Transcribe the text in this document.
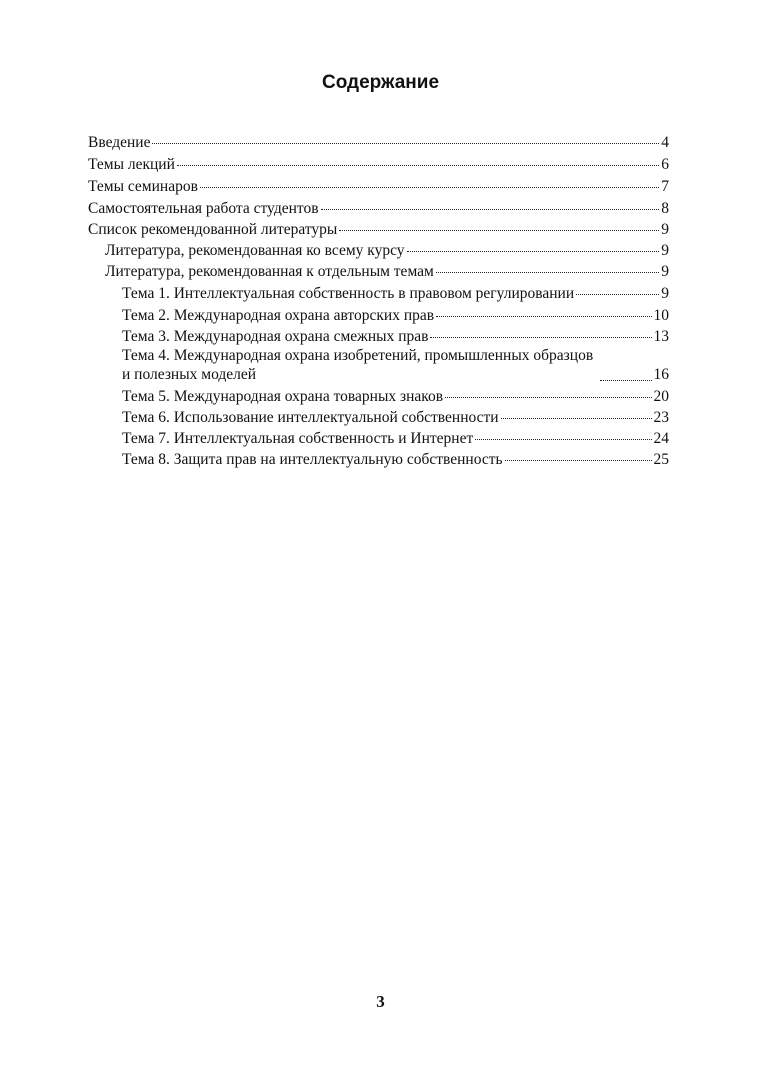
Содержание
Введение	4
Темы лекций	6
Темы семинаров	7
Самостоятельная работа студентов	8
Список рекомендованной литературы	9
Литература, рекомендованная ко всему курсу	9
Литература, рекомендованная к отдельным темам	9
Тема 1. Интеллектуальная собственность в правовом регулировании	9
Тема 2. Международная охрана авторских прав	10
Тема 3. Международная охрана смежных прав	13
Тема 4. Международная охрана изобретений, промышленных образцов и полезных моделей	16
Тема 5. Международная охрана товарных знаков	20
Тема 6. Использование интеллектуальной собственности	23
Тема 7. Интеллектуальная собственность и Интернет	24
Тема 8. Защита прав на интеллектуальную собственность	25
3
